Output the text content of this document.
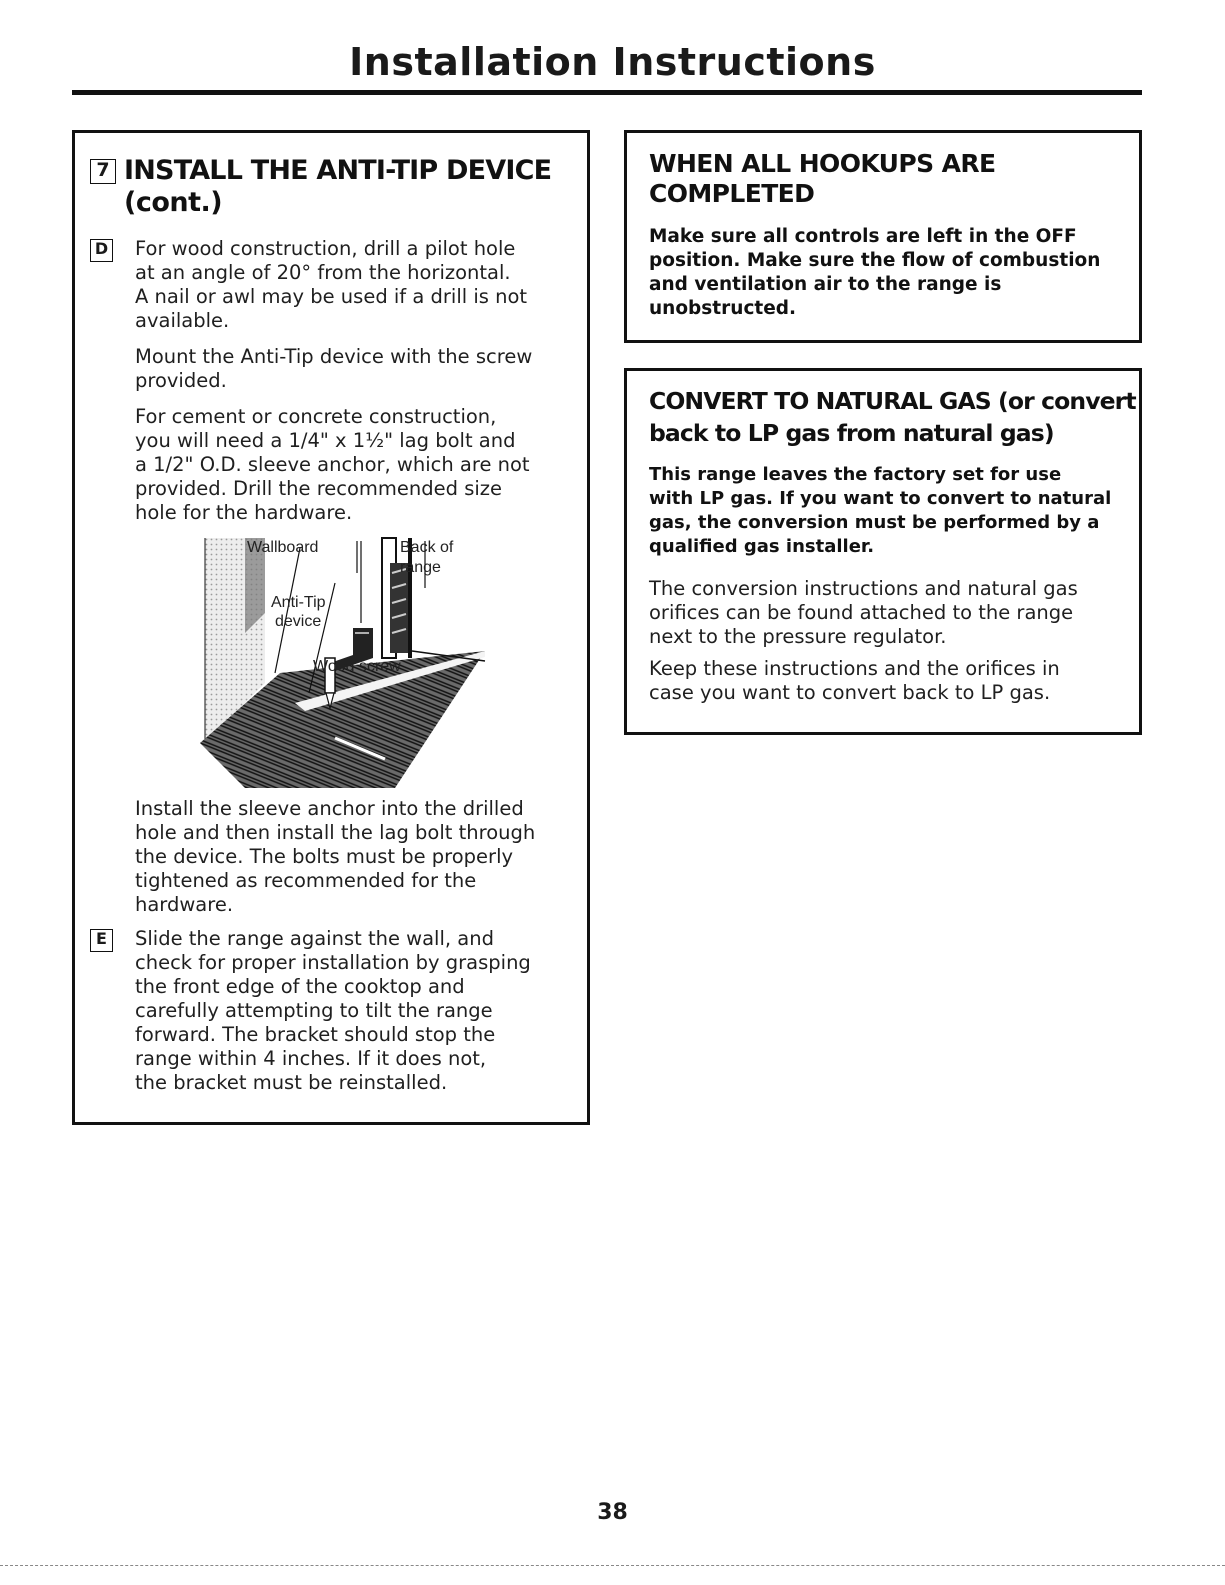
Installation Instructions
7 INSTALL THE ANTI-TIP DEVICE
(cont.)
D For wood construction, drill a pilot hole
at an angle of 20° from the horizontal.
A nail or awl may be used if a drill is not
available.

Mount the Anti-Tip device with the screw
provided.

For cement or concrete construction,
you will need a 1/4" x 1½" lag bolt and
a 1/2" O.D. sleeve anchor, which are not
provided. Drill the recommended size
hole for the hardware.

Wallboard	Back of
range
Anti-Tip
device
Wood screw

Install the sleeve anchor into the drilled
hole and then install the lag bolt through
the device. The bolts must be properly
tightened as recommended for the
hardware.

E	Slide the range against the wall, and
check for proper installation by grasping
the front edge of the cooktop and
carefully attempting to tilt the range
forward. The bracket should stop the
range within 4 inches. If it does not,
the bracket must be reinstalled.

WHEN ALL HOOKUPS ARE
COMPLETED

Make sure all controls are left in the OFF
position. Make sure the flow of combustion
and ventilation air to the range is
unobstructed.

CONVERT TO NATURAL GAS (or convert
back to LP gas from natural gas)

This range leaves the factory set for use
with LP gas. If you want to convert to natural
gas, the conversion must be performed by a
qualified gas installer.

The conversion instructions and natural gas
orifices can be found attached to the range
next to the pressure regulator.

Keep these instructions and the orifices in
case you want to convert back to LP gas.

38
